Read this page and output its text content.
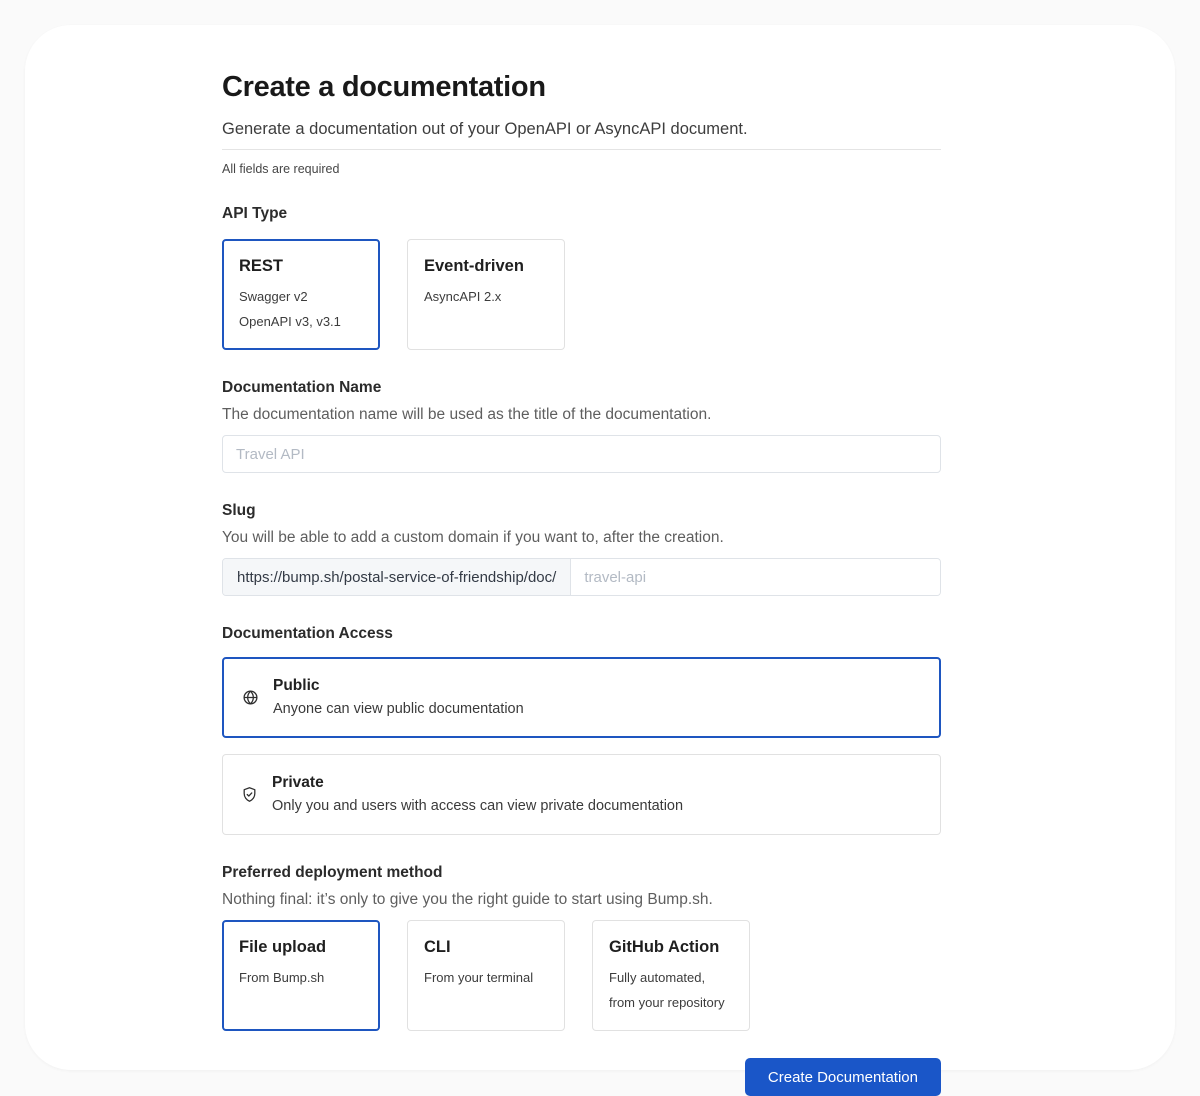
Create a documentation
Generate a documentation out of your OpenAPI or AsyncAPI document.
All fields are required
API Type
REST
Swagger v2
OpenAPI v3, v3.1
Event-driven
AsyncAPI 2.x
Documentation Name
The documentation name will be used as the title of the documentation.
Travel API
Slug
You will be able to add a custom domain if you want to, after the creation.
https://bump.sh/postal-service-of-friendship/doc/
travel-api
Documentation Access
Public
Anyone can view public documentation
Private
Only you and users with access can view private documentation
Preferred deployment method
Nothing final: it’s only to give you the right guide to start using Bump.sh.
File upload
From Bump.sh
CLI
From your terminal
GitHub Action
Fully automated,
from your repository
Create Documentation
